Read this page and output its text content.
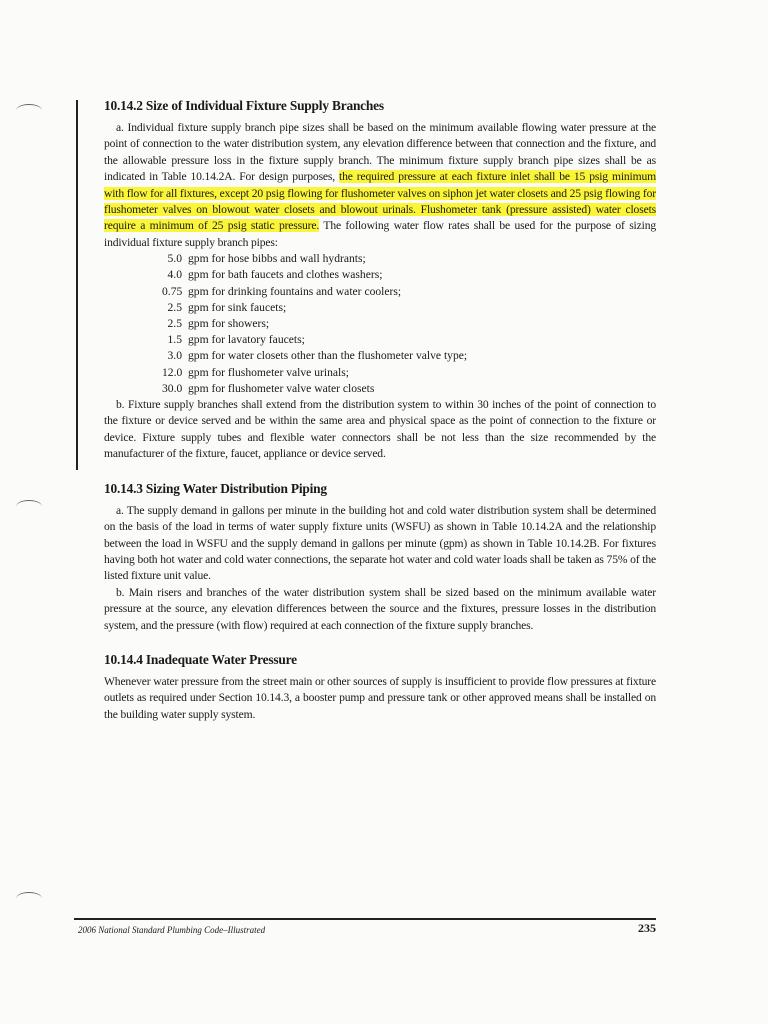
10.14.2 Size of Individual Fixture Supply Branches

a. Individual fixture supply branch pipe sizes shall be based on the minimum available flowing water pressure at the point of connection to the water distribution system, any elevation difference between that connection and the fixture, and the allowable pressure loss in the fixture supply branch. The minimum fixture supply branch pipe sizes shall be as indicated in Table 10.14.2A. For design purposes, the required pressure at each fixture inlet shall be 15 psig minimum with flow for all fixtures, except 20 psig flowing for flushometer valves on siphon jet water closets and 25 psig flowing for flushometer valves on blowout water closets and blowout urinals. Flushometer tank (pressure assisted) water closets require a minimum of 25 psig static pressure. The following water flow rates shall be used for the purpose of sizing individual fixture supply branch pipes:

5.0 gpm for hose bibbs and wall hydrants;
4.0 gpm for bath faucets and clothes washers;
0.75 gpm for drinking fountains and water coolers;
2.5 gpm for sink faucets;
2.5 gpm for showers;
1.5 gpm for lavatory faucets;
3.0 gpm for water closets other than the flushometer valve type;
12.0 gpm for flushometer valve urinals;
30.0 gpm for flushometer valve water closets

b. Fixture supply branches shall extend from the distribution system to within 30 inches of the point of connection to the fixture or device served and be within the same area and physical space as the point of connection to the fixture or device. Fixture supply tubes and flexible water connectors shall be not less than the size recommended by the manufacturer of the fixture, faucet, appliance or device served.

10.14.3 Sizing Water Distribution Piping

a. The supply demand in gallons per minute in the building hot and cold water distribution system shall be determined on the basis of the load in terms of water supply fixture units (WSFU) as shown in Table 10.14.2A and the relationship between the load in WSFU and the supply demand in gallons per minute (gpm) as shown in Table 10.14.2B. For fixtures having both hot water and cold water connections, the separate hot water and cold water loads shall be taken as 75% of the listed fixture unit value.

b. Main risers and branches of the water distribution system shall be sized based on the minimum available water pressure at the source, any elevation differences between the source and the fixtures, pressure losses in the distribution system, and the pressure (with flow) required at each connection of the fixture supply branches.

10.14.4 Inadequate Water Pressure

Whenever water pressure from the street main or other sources of supply is insufficient to provide flow pressures at fixture outlets as required under Section 10.14.3, a booster pump and pressure tank or other approved means shall be installed on the building water supply system.

2006 National Standard Plumbing Code–Illustrated	235
